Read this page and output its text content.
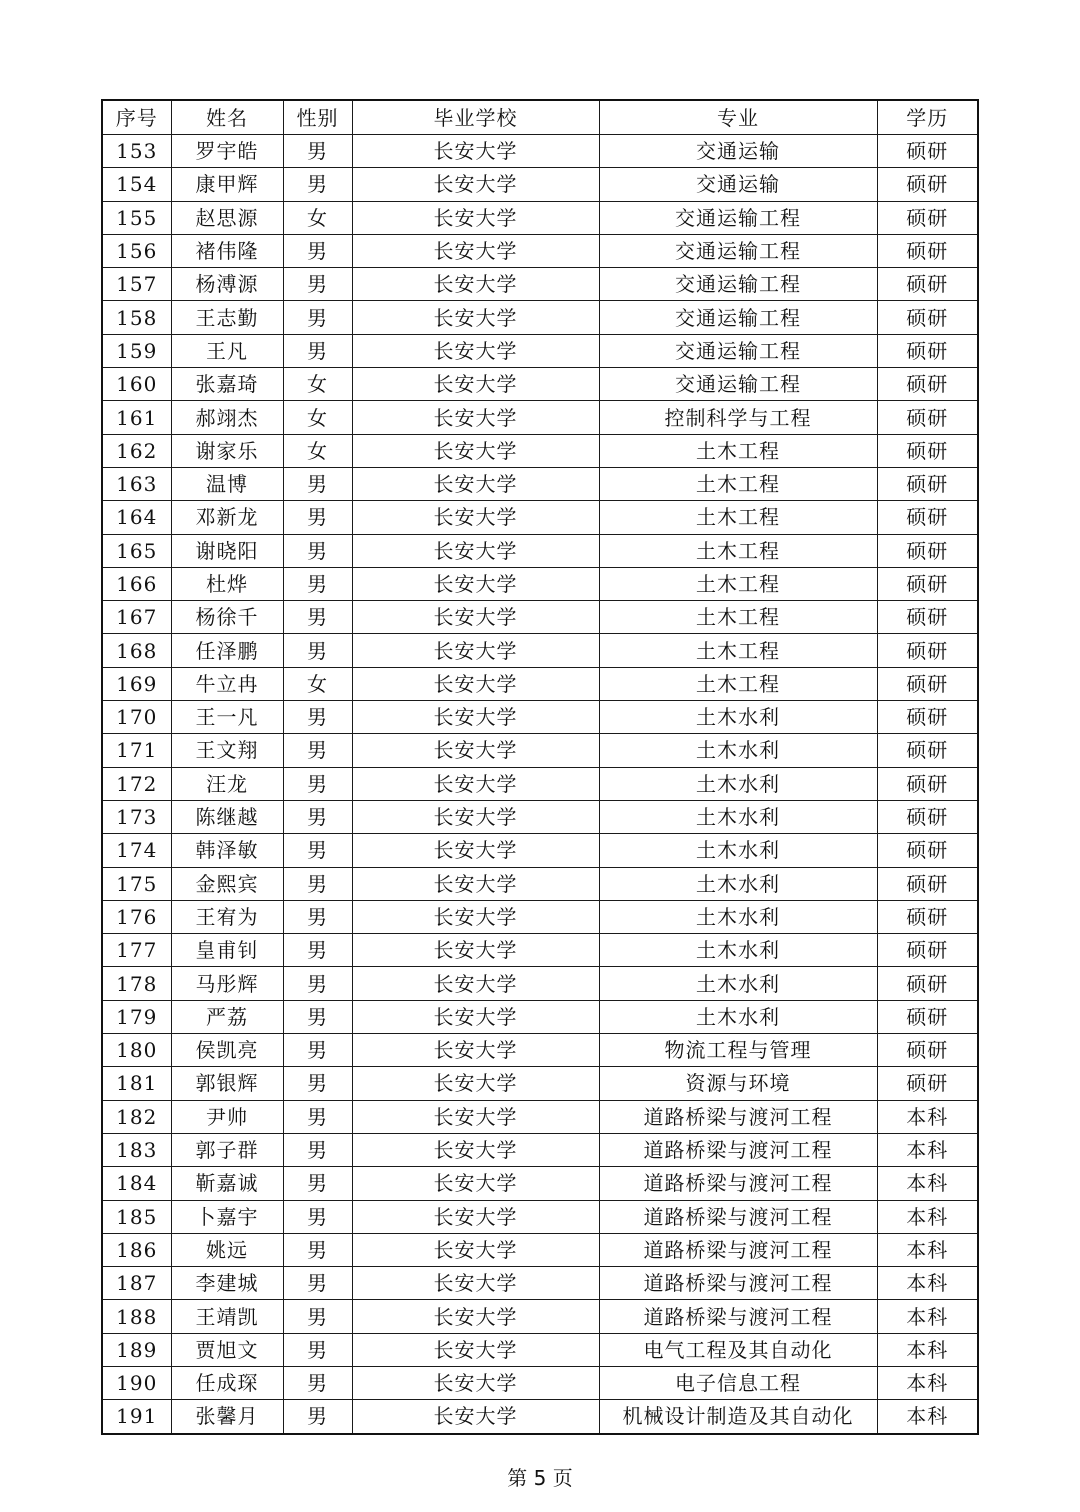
序号	姓名	性别	毕业学校	专业	学历
153	罗宇皓	男	长安大学	交通运输	硕研
154	康甲辉	男	长安大学	交通运输	硕研
155	赵思源	女	长安大学	交通运输工程	硕研
156	褚伟隆	男	长安大学	交通运输工程	硕研
157	杨溥源	男	长安大学	交通运输工程	硕研
158	王志勤	男	长安大学	交通运输工程	硕研
159	王凡	男	长安大学	交通运输工程	硕研
160	张嘉琦	女	长安大学	交通运输工程	硕研
161	郝翊杰	女	长安大学	控制科学与工程	硕研
162	谢家乐	女	长安大学	土木工程	硕研
163	温博	男	长安大学	土木工程	硕研
164	邓新龙	男	长安大学	土木工程	硕研
165	谢晓阳	男	长安大学	土木工程	硕研
166	杜烨	男	长安大学	土木工程	硕研
167	杨徐千	男	长安大学	土木工程	硕研
168	任泽鹏	男	长安大学	土木工程	硕研
169	牛立冉	女	长安大学	土木工程	硕研
170	王一凡	男	长安大学	土木水利	硕研
171	王文翔	男	长安大学	土木水利	硕研
172	汪龙	男	长安大学	土木水利	硕研
173	陈继越	男	长安大学	土木水利	硕研
174	韩泽敏	男	长安大学	土木水利	硕研
175	金熙宾	男	长安大学	土木水利	硕研
176	王宥为	男	长安大学	土木水利	硕研
177	皇甫钊	男	长安大学	土木水利	硕研
178	马彤辉	男	长安大学	土木水利	硕研
179	严荔	男	长安大学	土木水利	硕研
180	侯凯亮	男	长安大学	物流工程与管理	硕研
181	郭银辉	男	长安大学	资源与环境	硕研
182	尹帅	男	长安大学	道路桥梁与渡河工程	本科
183	郭子群	男	长安大学	道路桥梁与渡河工程	本科
184	靳嘉诚	男	长安大学	道路桥梁与渡河工程	本科
185	卜嘉宇	男	长安大学	道路桥梁与渡河工程	本科
186	姚远	男	长安大学	道路桥梁与渡河工程	本科
187	李建城	男	长安大学	道路桥梁与渡河工程	本科
188	王靖凯	男	长安大学	道路桥梁与渡河工程	本科
189	贾旭文	男	长安大学	电气工程及其自动化	本科
190	任成琛	男	长安大学	电子信息工程	本科
191	张馨月	男	长安大学	机械设计制造及其自动化	本科
第 5 页
